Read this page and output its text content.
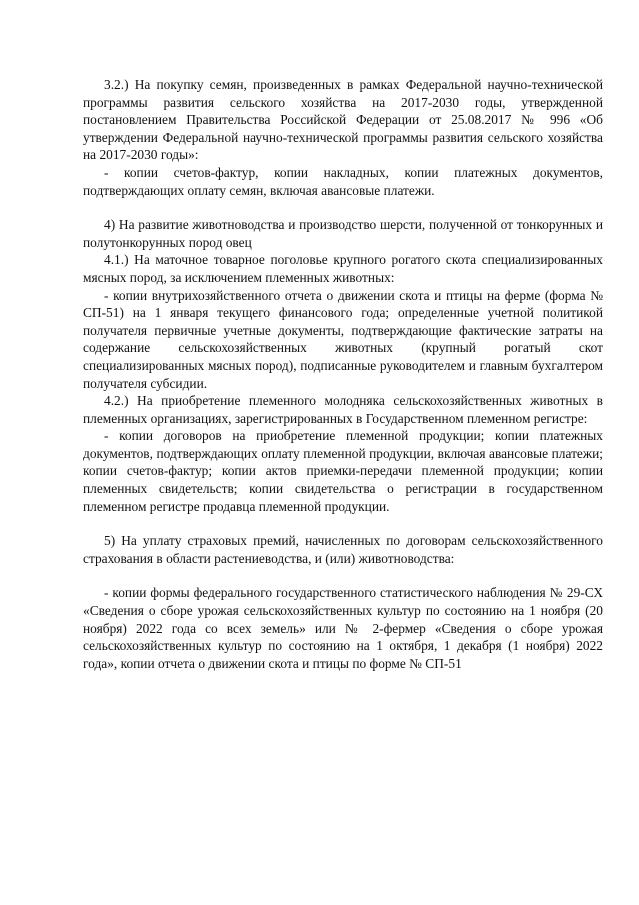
3.2.) На покупку семян, произведенных в рамках Федеральной научно-технической программы развития сельского хозяйства на 2017-2030 годы, утвержденной постановлением Правительства Российской Федерации от 25.08.2017 № 996 «Об утверждении Федеральной научно-технической программы развития сельского хозяйства на 2017-2030 годы»:

- копии счетов-фактур, копии накладных, копии платежных документов, подтверждающих оплату семян, включая авансовые платежи.

4) На развитие животноводства и производство шерсти, полученной от тонкорунных и полутонкорунных пород овец

4.1.) На маточное товарное поголовье крупного рогатого скота специализированных мясных пород, за исключением племенных животных:

- копии внутрихозяйственного отчета о движении скота и птицы на ферме (форма № СП-51) на 1 января текущего финансового года; определенные учетной политикой получателя первичные учетные документы, подтверждающие фактические затраты на содержание сельскохозяйственных животных (крупный рогатый скот специализированных мясных пород), подписанные руководителем и главным бухгалтером получателя субсидии.

4.2.) На приобретение племенного молодняка сельскохозяйственных животных в племенных организациях, зарегистрированных в Государственном племенном регистре:

- копии договоров на приобретение племенной продукции; копии платежных документов, подтверждающих оплату племенной продукции, включая авансовые платежи; копии счетов-фактур; копии актов приемки-передачи племенной продукции; копии племенных свидетельств; копии свидетельства о регистрации в государственном племенном регистре продавца племенной продукции.

5) На уплату страховых премий, начисленных по договорам сельскохозяйственного страхования в области растениеводства, и (или) животноводства:

- копии формы федерального государственного статистического наблюдения № 29-СХ «Сведения о сборе урожая сельскохозяйственных культур по состоянию на 1 ноября (20 ноября) 2022 года со всех земель» или № 2-фермер «Сведения о сборе урожая сельскохозяйственных культур по состоянию на 1 октября, 1 декабря (1 ноября) 2022 года», копии отчета о движении скота и птицы по форме № СП-51
